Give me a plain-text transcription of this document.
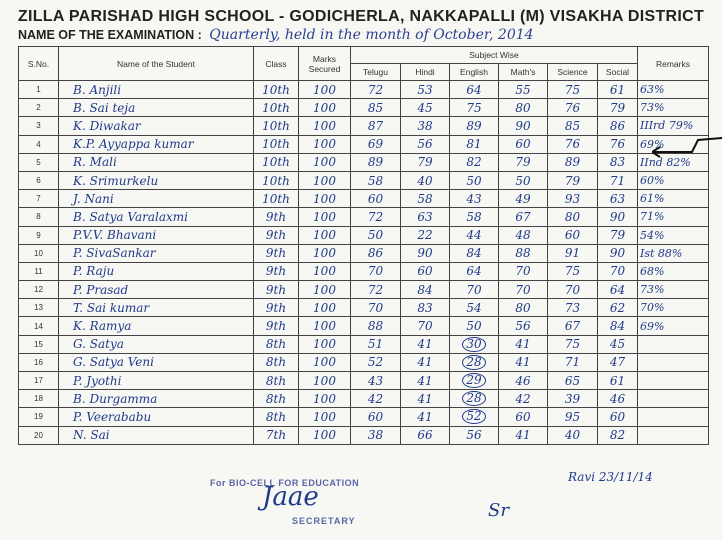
ZILLA PARISHAD HIGH SCHOOL - GODICHERLA, NAKKAPALLI (M) VISAKHA DISTRICT
NAME OF THE EXAMINATION : Quarterly, held in the month of October, 2014
S.No.	Name of the Student	Class	Marks Secured	Subject Wise						Remarks
				Telugu	Hindi	English	Math's	Science	Social	
1	B. Anjili	10th	100	72	53	64	55	75	61	63%
2	B. Sai teja	10th	100	85	45	75	80	76	79	73%
3	K. Diwakar	10th	100	87	38	89	90	85	86	IIIrd 79%
4	K.P. Ayyappa kumar	10th	100	69	56	81	60	76	76	69%
5	R. Mali	10th	100	89	79	82	79	89	83	IInd 82%
6	K. Srimurkelu	10th	100	58	40	50	50	79	71	60%
7	J. Nani	10th	100	60	58	43	49	93	63	61%
8	B. Satya Varalaxmi	9th	100	72	63	58	67	80	90	71%
9	P.V.V. Bhavani	9th	100	50	22	44	48	60	79	54%
10	P. SivaSankar	9th	100	86	90	84	88	91	90	Ist 88%
11	P. Raju	9th	100	70	60	64	70	75	70	68%
12	P. Prasad	9th	100	72	84	70	70	70	64	73%
13	T. Sai kumar	9th	100	70	83	54	80	73	62	70%
14	K. Ramya	9th	100	88	70	50	56	67	84	69%
15	G. Satya	8th	100	51	41	30	41	75	45	
16	G. Satya Veni	8th	100	52	41	28	41	71	47	
17	P. Jyothi	8th	100	43	41	29	46	65	61	
18	B. Durgamma	8th	100	42	41	28	42	39	46	
19	P. Veerababu	8th	100	60	41	52	60	95	60	
20	N. Sai	7th	100	38	66	56	41	40	82	
For BIO-CELL FOR EDUCATION
Jaae
SECRETARY	Sr
Ravi 23/11/14
